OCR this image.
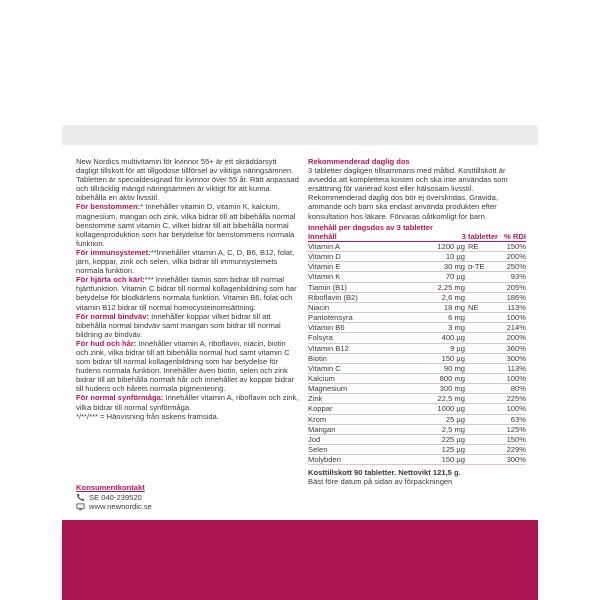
New Nordics multivitamin för kvinnor 55+ är ett skräddarsytt dagligt tillskott för att tillgodose tillförsel av viktiga näringsämnen. Tabletten är specialdesignad för kvinnor över 55 år. Rätt anpassad och tillräcklig mängd näringsämnen är viktigt för att kunna bibehålla en aktiv livsstil.

För benstommen:* Innehåller vitamin D, vitamin K, kalcium, magnesium, mangan och zink, vilka bidrar till att bibehålla normal benstomme samt vitamin C, vilket bidrar till att bibehålla normal kollagenproduktion som har betydelse för benstommens normala funktion.

För immunsystemet:**Innehåller vitamin A, C, D, B6, B12, folat, järn, koppar, zink och selen, vilka bidrar till immunsystemets normala funktion.

För hjärta och kärl:*** Innehåller tiamin som bidrar till normal hjärtfunktion. Vitamin C bidrar till normal kollagenbildning som har betydelse för blodkärlens normala funktion. Vitamin B6, folat och vitamin B12 bidrar till normal homocysteinomsättning.

För normal bindväv: Innehåller koppar vilket bidrar till att bibehålla normal bindväv samt mangan som bidrar till normal bildning av bindväv.

För hud och hår: Innehåller vitamin A, riboflavin, niacin, biotin och zink, vilka bidrar till att bibehålla normal hud samt vitamin C som bidrar till normal kollagenbildning som har betydelse för hudens normala funktion. Innehåller även biotin, selen och zink bidrar till att bibehålla normalt hår och innehållet av koppar bidrar till hudens och hårets normala pigmentering.

För normal synförmåga: Innehåller vitamin A, riboflavin och zink, vilka bidrar till normal synförmåga.

*/**/*** = Hänvisning från askens framsida.

Konsumentkontakt
SE 040-239520
www.newnordic.se
Rekommenderad daglig dos

3 tabletter dagligen tillsammans med måltid. Kosttillskott är avsedda att komplettera kosten och ska inte användas som ersättning för varierad kost eller hälsosam livsstil. Rekommenderad daglig dos bör ej överskridas. Gravida, ammande och barn ska endast använda produkten efter konsultation hos läkare. Förvaras oåtkomligt för barn.

Innehåll per dagsdos av 3 tabletter
Innehåll	3 tabletter		% RDI
Vitamin A	1200 µg	RE	150%
Vitamin D	10 µg		200%
Vitamin E	30 mg	α-TE	250%
Vitamin K	70 µg		93%
Tiamin (B1)	2,25 mg		205%
Riboflavin (B2)	2,6 mg		186%
Niacin	18 mg	NE	113%
Pantotensyra	6 mg		100%
Vitamin B6	3 mg		214%
Folsyra	400 µg		200%
Vitamin B12	9 µg		360%
Biotin	150 µg		300%
Vitamin C	90 mg		113%
Kalcium	800 mg		100%
Magnesium	300 mg		80%
Zink	22,5 mg		225%
Koppar	1000 µg		100%
Krom	25 µg		63%
Mangan	2,5 mg		125%
Jod	225 µg		150%
Selen	125 µg		229%
Molybden	150 µg		300%
Kosttillskott 90 tabletter. Nettovikt 121,5 g.
Bäst före datum på sidan av förpackningen
